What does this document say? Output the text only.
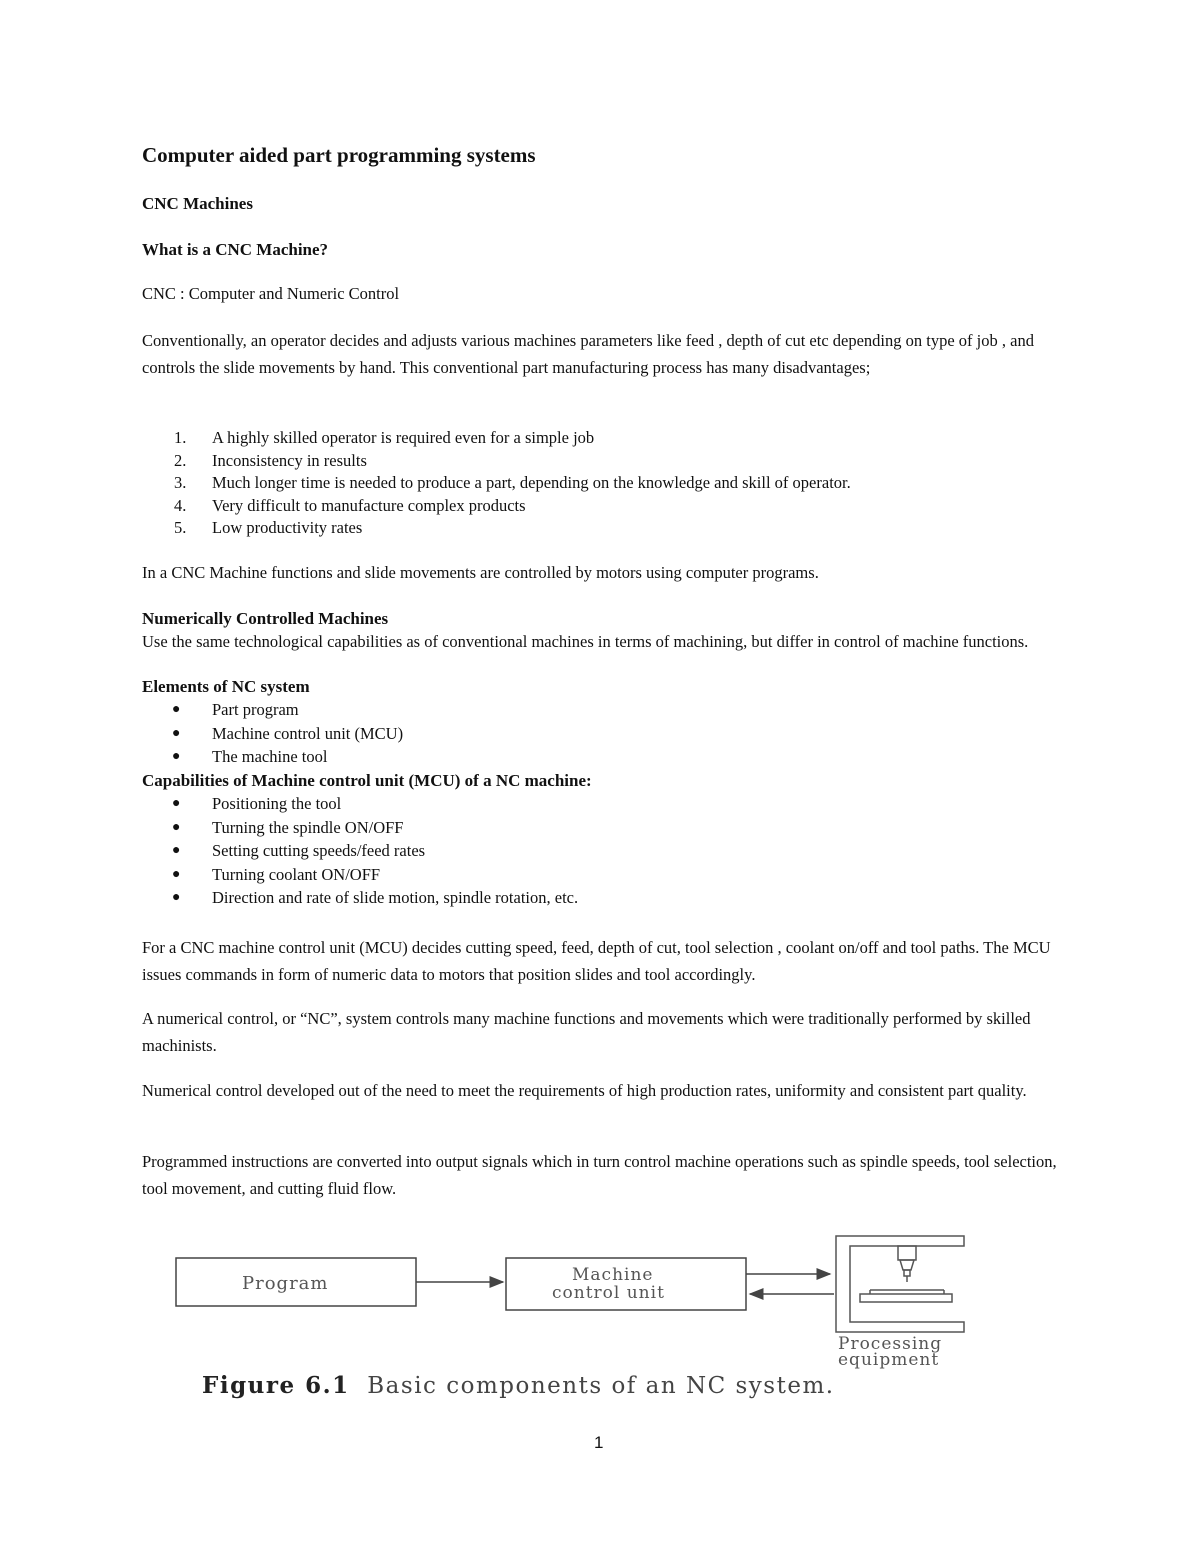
Computer aided part programming systems
CNC Machines
What is a CNC Machine?
CNC : Computer and Numeric Control

Conventionally, an operator decides and adjusts various machines parameters like feed , depth of cut etc depending on type of job , and controls the slide movements by hand. This conventional part manufacturing process has many disadvantages;

1. A highly skilled operator is required even for a simple job
2. Inconsistency in results
3. Much longer time is needed to produce a part, depending on the knowledge and skill of operator.
4. Very difficult to manufacture complex products
5. Low productivity rates
In a CNC Machine functions and slide movements are controlled by motors using computer programs.
Numerically Controlled Machines

Use the same technological capabilities as of conventional machines in terms of machining, but differ in control of machine functions.

Elements of NC system
● Part program
● Machine control unit (MCU)
● The machine tool
Capabilities of Machine control unit (MCU) of a NC machine:
● Positioning the tool
● Turning the spindle ON/OFF
● Setting cutting speeds/feed rates
● Turning coolant ON/OFF
● Direction and rate of slide motion, spindle rotation, etc.

For a CNC machine control unit (MCU) decides cutting speed, feed, depth of cut, tool selection , coolant on/off and tool paths. The MCU issues commands in form of numeric data to motors that position slides and tool accordingly.

A numerical control, or “NC”, system controls many machine functions and movements which were traditionally performed by skilled machinists.

Numerical control developed out of the need to meet the requirements of high production rates, uniformity and consistent part quality.

Programmed instructions are converted into output signals which in turn control machine operations such as spindle speeds, tool selection, tool movement, and cutting fluid flow.

Program	Machine
control unit
Processing
equipment
Figure 6.1 Basic components of an NC system.
1
